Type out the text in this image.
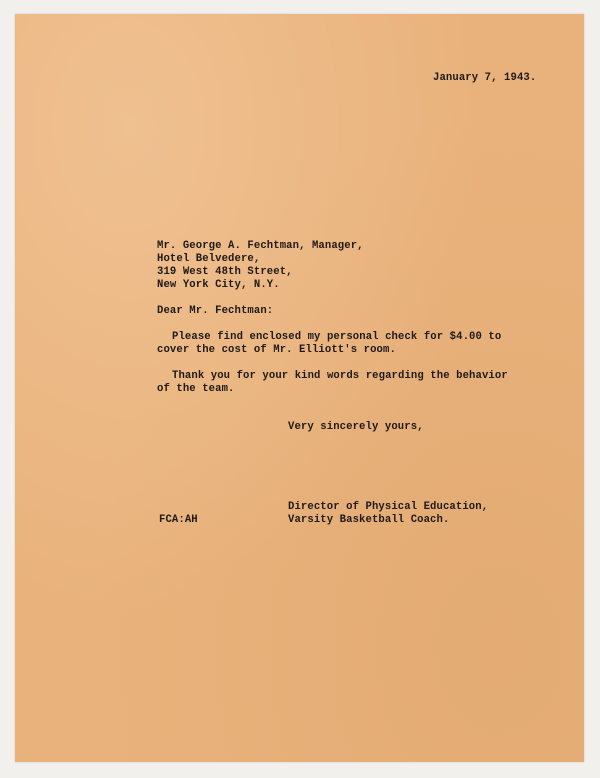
January 7, 1943.

Mr. George A. Fechtman, Manager,

Hotel Belvedere,

319 West 48th Street,

New York City, N.Y.

Dear Mr. Fechtman:

Please find enclosed my personal check for $4.00 to

cover the cost of Mr. Elliott's room.

Thank you for your kind words regarding the behavior

of the team.

Very sincerely yours,

Director of Physical Education,

Varsity Basketball Coach.

FCA:AH
